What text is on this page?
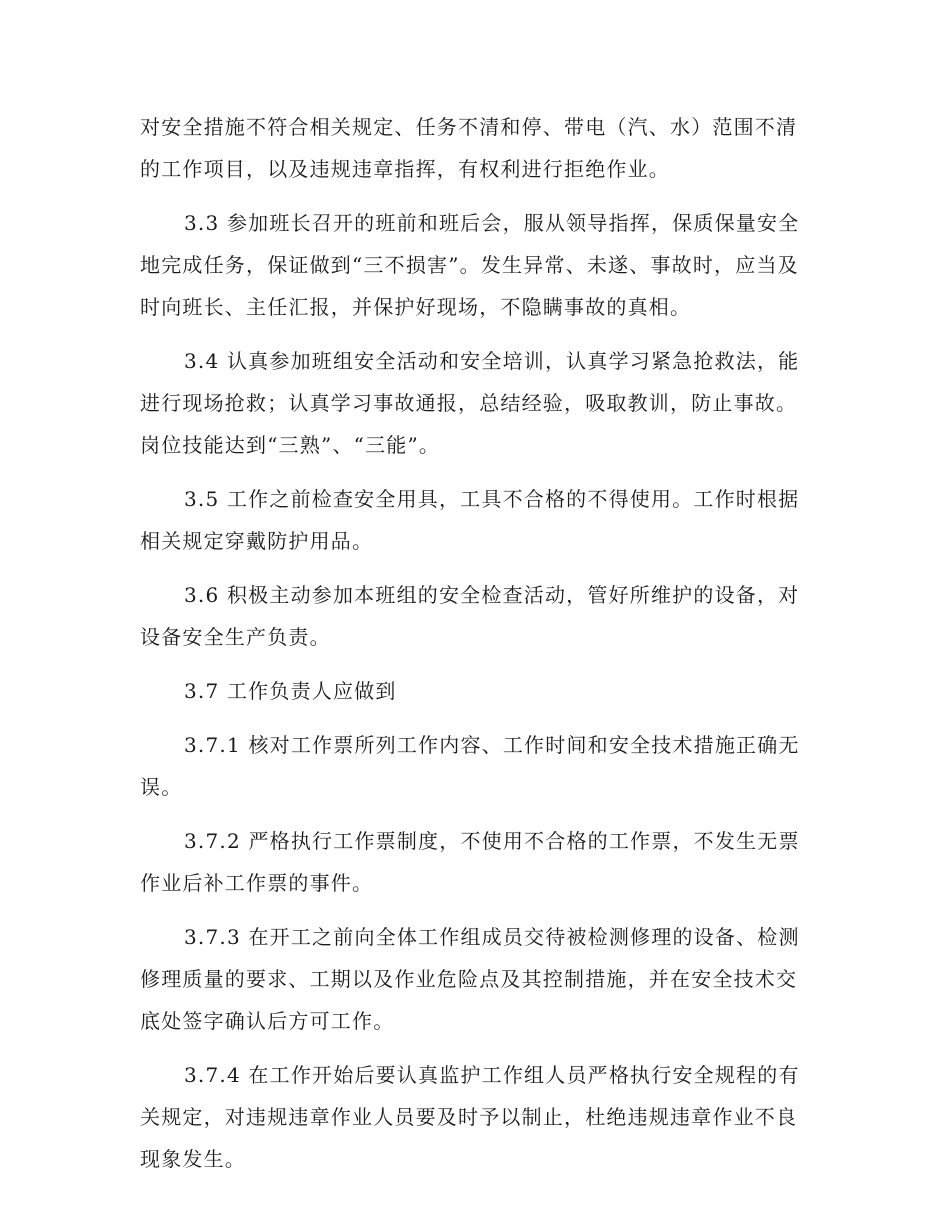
对安全措施不符合相关规定、任务不清和停、带电（汽、水）范围不清的工作项目，以及违规违章指挥，有权利进行拒绝作业。

3.3 参加班长召开的班前和班后会，服从领导指挥，保质保量安全地完成任务，保证做到“三不损害”。发生异常、未遂、事故时，应当及时向班长、主任汇报，并保护好现场，不隐瞒事故的真相。

3.4 认真参加班组安全活动和安全培训，认真学习紧急抢救法，能进行现场抢救；认真学习事故通报，总结经验，吸取教训，防止事故。岗位技能达到“三熟”、“三能”。

3.5 工作之前检查安全用具，工具不合格的不得使用。工作时根据相关规定穿戴防护用品。

3.6 积极主动参加本班组的安全检查活动，管好所维护的设备，对设备安全生产负责。

3.7 工作负责人应做到

3.7.1 核对工作票所列工作内容、工作时间和安全技术措施正确无误。

3.7.2 严格执行工作票制度，不使用不合格的工作票，不发生无票作业后补工作票的事件。

3.7.3 在开工之前向全体工作组成员交待被检测修理的设备、检测修理质量的要求、工期以及作业危险点及其控制措施，并在安全技术交底处签字确认后方可工作。

3.7.4 在工作开始后要认真监护工作组人员严格执行安全规程的有关规定，对违规违章作业人员要及时予以制止，杜绝违规违章作业不良现象发生。
